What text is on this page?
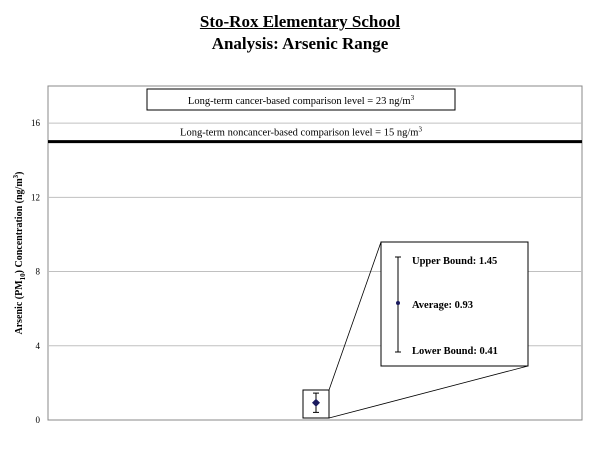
Sto-Rox Elementary School
Analysis: Arsenic Range
0
4
8
12
16
Arsenic $(PM_{10})$ Concentration $(ng/m^3)$
Long-term cancer-based comparison level = 23 $ng/m^3$
Long-term noncancer-based comparison level = 15 $ng/m^3$
Upper Bound: 1.45
Average: 0.93
Lower Bound: 0.41
